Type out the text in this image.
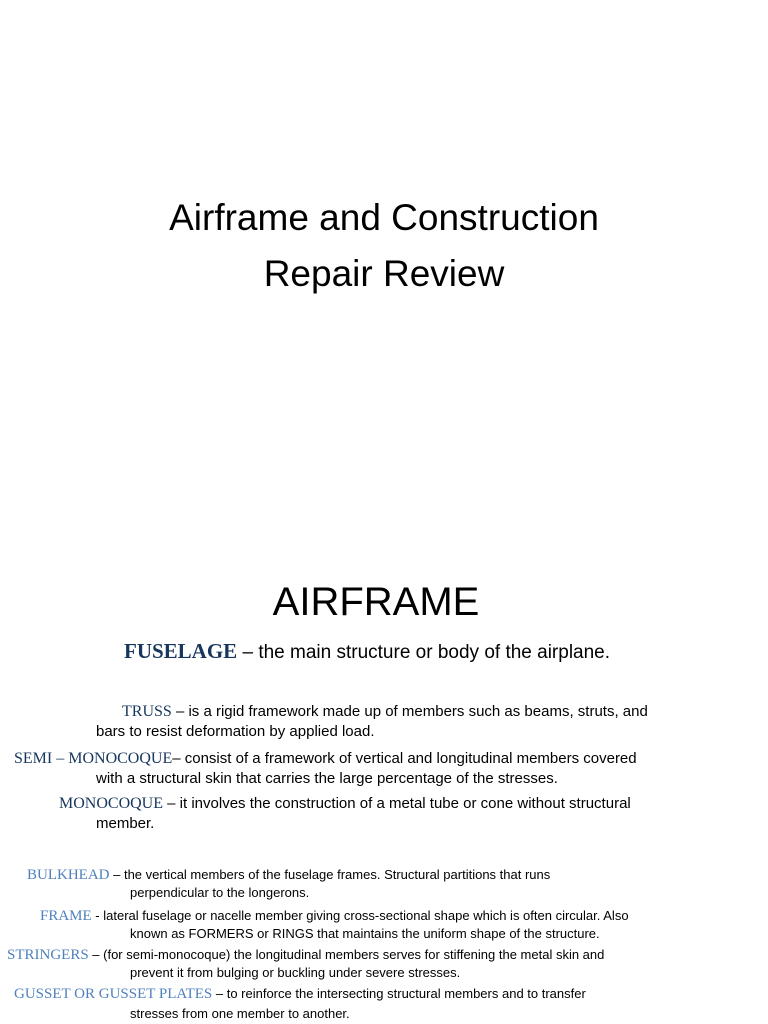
Airframe and Construction
Repair Review
AIRFRAME
FUSELAGE – the main structure or body of the airplane.
TRUSS – is a rigid framework made up of members such as beams, struts, and
bars to resist deformation by applied load.
SEMI – MONOCOQUE– consist of a framework of vertical and longitudinal members covered
with a structural skin that carries the large percentage of the stresses.
MONOCOQUE – it involves the construction of a metal tube or cone without structural
member.
BULKHEAD – the vertical members of the fuselage frames. Structural partitions that runs
perpendicular to the longerons.
FRAME - lateral fuselage or nacelle member giving cross-sectional shape which is often circular. Also
known as FORMERS or RINGS that maintains the uniform shape of the structure.
STRINGERS – (for semi-monocoque) the longitudinal members serves for stiffening the metal skin and
prevent it from bulging or buckling under severe stresses.
GUSSET OR GUSSET PLATES – to reinforce the intersecting structural members and to transfer
stresses from one member to another.
